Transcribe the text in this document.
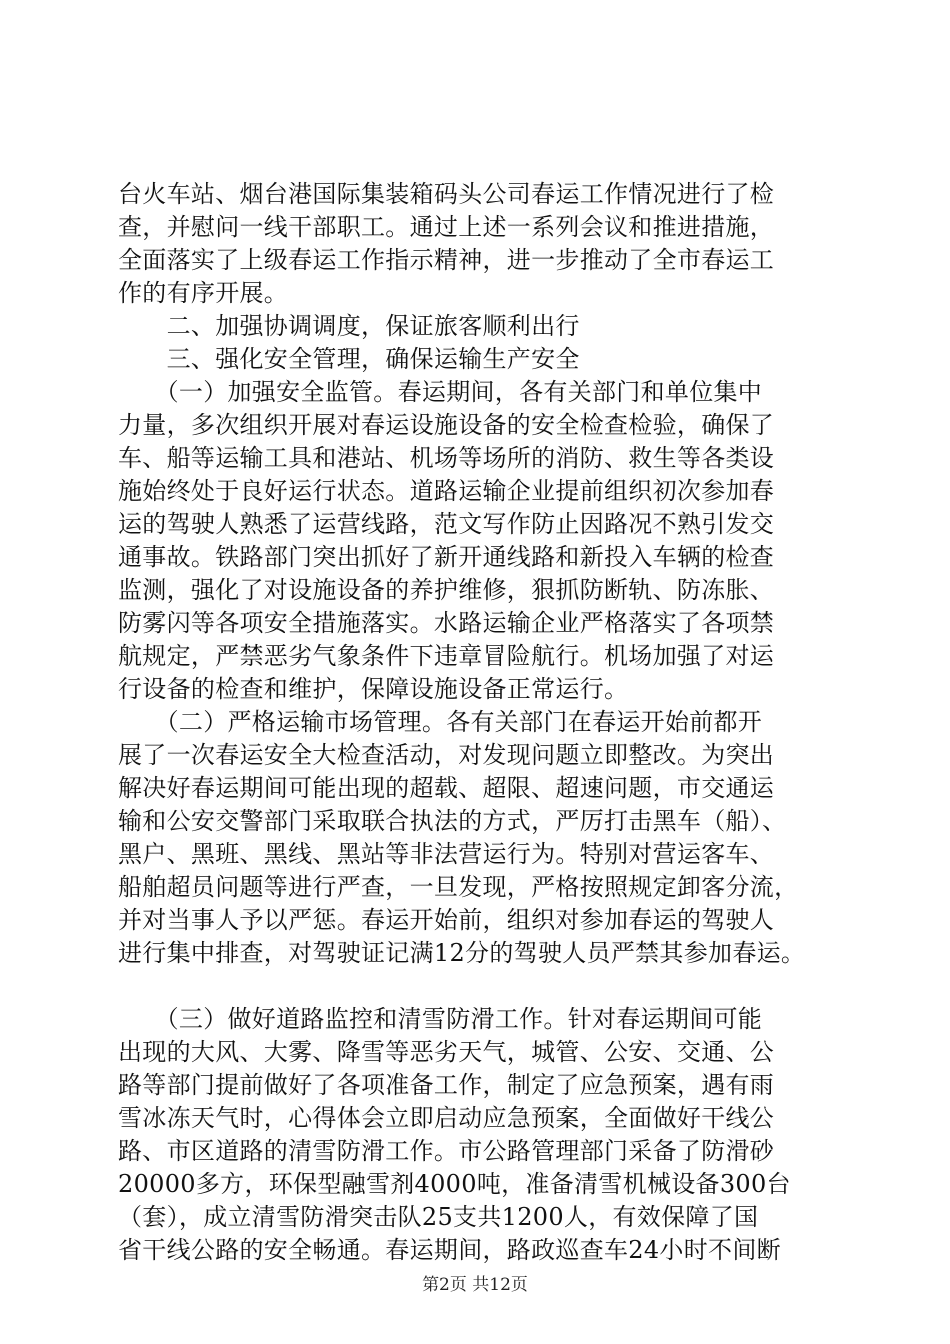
台火车站、烟台港国际集装箱码头公司春运工作情况进行了检
查，并慰问一线干部职工。通过上述一系列会议和推进措施，
全面落实了上级春运工作指示精神，进一步推动了全市春运工
作的有序开展。
　　二、加强协调调度，保证旅客顺利出行
　　三、强化安全管理，确保运输生产安全
　　（一）加强安全监管。春运期间，各有关部门和单位集中
力量，多次组织开展对春运设施设备的安全检查检验，确保了
车、船等运输工具和港站、机场等场所的消防、救生等各类设
施始终处于良好运行状态。道路运输企业提前组织初次参加春
运的驾驶人熟悉了运营线路，范文写作防止因路况不熟引发交
通事故。铁路部门突出抓好了新开通线路和新投入车辆的检查
监测，强化了对设施设备的养护维修，狠抓防断轨、防冻胀、
防雾闪等各项安全措施落实。水路运输企业严格落实了各项禁
航规定，严禁恶劣气象条件下违章冒险航行。机场加强了对运
行设备的检查和维护，保障设施设备正常运行。
　　（二）严格运输市场管理。各有关部门在春运开始前都开
展了一次春运安全大检查活动，对发现问题立即整改。为突出
解决好春运期间可能出现的超载、超限、超速问题，市交通运
输和公安交警部门采取联合执法的方式，严厉打击黑车（船）、
黑户、黑班、黑线、黑站等非法营运行为。特别对营运客车、
船舶超员问题等进行严查，一旦发现，严格按照规定卸客分流，
并对当事人予以严惩。春运开始前，组织对参加春运的驾驶人
进行集中排查，对驾驶证记满12分的驾驶人员严禁其参加春运。
　　（三）做好道路监控和清雪防滑工作。针对春运期间可能
出现的大风、大雾、降雪等恶劣天气，城管、公安、交通、公
路等部门提前做好了各项准备工作，制定了应急预案，遇有雨
雪冰冻天气时，心得体会立即启动应急预案，全面做好干线公
路、市区道路的清雪防滑工作。市公路管理部门采备了防滑砂
20000多方，环保型融雪剂4000吨，准备清雪机械设备300台
（套），成立清雪防滑突击队25支共1200人，有效保障了国
省干线公路的安全畅通。春运期间，路政巡查车24小时不间断
第2页 共12页
